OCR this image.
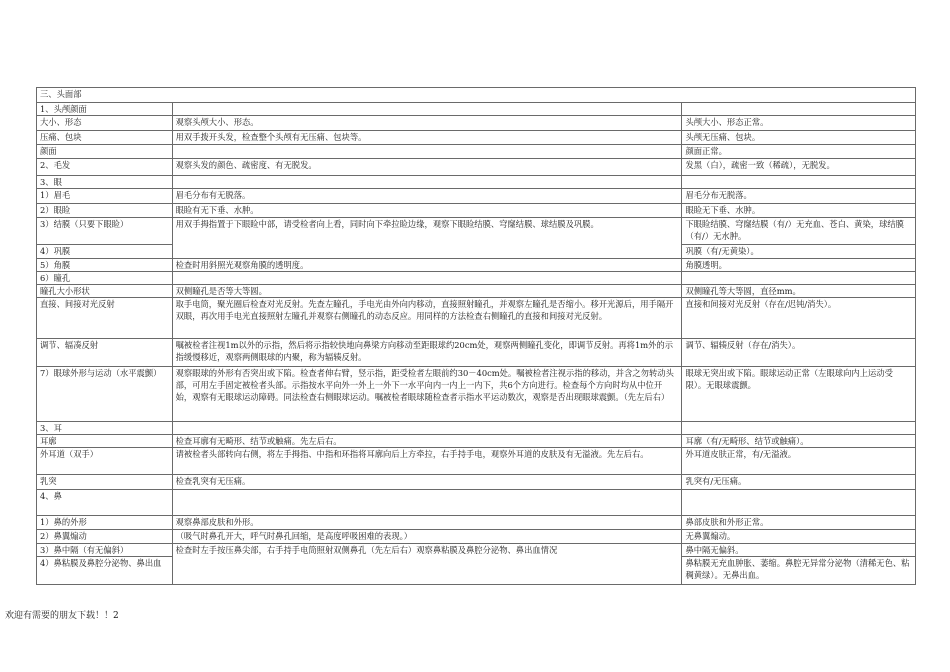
三、头面部		
1、头颅颜面		
大小、形态	观察头颅大小、形态。	头颅大小、形态正常。
压痛、包块	用双手拨开头发，检查整个头颅有无压痛、包块等。	头颅无压痛、包块。
颜面		颜面正常。
2、毛发	观察头发的颜色、疏密度、有无脱发。	发黑（白），疏密一致（稀疏），无脱发。
3、眼		
1）眉毛	眉毛分布有无脱落。	眉毛分布无脱落。
2）眼睑	眼睑有无下垂、水肿。	眼睑无下垂、水肿。
3）结膜（只要下眼睑）	用双手拇指置于下眼睑中部，请受检者向上看，同时向下牵拉睑边缘，观察下眼睑结膜、穹窿结膜、球结膜及巩膜。	下眼睑结膜、穹窿结膜（有/）无充血、苍白、黄染，球结膜（有/）无水肿。
4）巩膜		巩膜（有/无黄染）。
5）角膜	检查时用斜照光观察角膜的透明度。	角膜透明。
6）瞳孔		
瞳孔大小形状	双侧瞳孔是否等大等圆。	双侧瞳孔等大等圆，直径mm。
直接、间接对光反射	取手电筒，聚光圈后检查对光反射。先查左瞳孔，手电光由外向内移动，直接照射瞳孔，并观察左瞳孔是否缩小。移开光源后，用手隔开双眼，再次用手电光直接照射左瞳孔并观察右侧瞳孔的动态反应。用同样的方法检查右侧瞳孔的直接和间接对光反射。	直接和间接对光反射（存在/迟钝/消失）。
调节、辐凑反射	嘱被检者注视1m以外的示指，然后将示指较快地向鼻梁方向移动至距眼球约20cm处，观察两侧瞳孔变化，即调节反射。再将1m外的示指缓慢移近，观察两侧眼球的内聚，称为辐辏反射。	调节、辐辏反射（存在/消失）。
7）眼球外形与运动（水平震颤）	观察眼球的外形有否突出或下陷。检查者伸右臂，竖示指，距受检者左眼前约30－40cm处。嘱被检者注视示指的移动，并含之勿转动头部，可用左手固定被检者头部。示指按水平向外一外上一外下一水平向内一内上一内下，共6个方向进行。检查每个方向时均从中位开始，观察有无眼球运动障碍。同法检查右侧眼球运动。嘱被检者眼球随检查者示指水平运动数次，观察是否出现眼球震颤。（先左后右）	眼球无突出或下陷。眼球运动正常（左眼球向内上运动受限）。无眼球震颤。
3、耳		
耳廓	检查耳廓有无畸形、结节或触痛。先左后右。	耳廓（有/无畸形、结节或触痛）。
外耳道（双手）	请被检者头部转向右侧，将左手拇指、中指和环指将耳廓向后上方牵拉，右手持手电，观察外耳道的皮肤及有无溢液。先左后右。	外耳道皮肤正常，有/无溢液。
乳突	检查乳突有无压痛。	乳突有/无压痛。
4、鼻		
1）鼻的外形	观察鼻部皮肤和外形。	鼻部皮肤和外形正常。
2）鼻翼煽动	（吸气时鼻孔开大，呼气时鼻孔回缩，是高度呼吸困难的表现。）	无鼻翼煽动。
3）鼻中隔（有无偏斜）	检查时左手按压鼻尖部，右手持手电筒照射双侧鼻孔（先左后右）观察鼻粘膜及鼻腔分泌物、鼻出血情况	鼻中隔无偏斜。
4）鼻粘膜及鼻腔分泌物、鼻出血		鼻粘膜无充血肿胀、萎缩。鼻腔无异常分泌物（清稀无色、粘稠黄绿）。无鼻出血。
欢迎有需要的朋友下载！！2
